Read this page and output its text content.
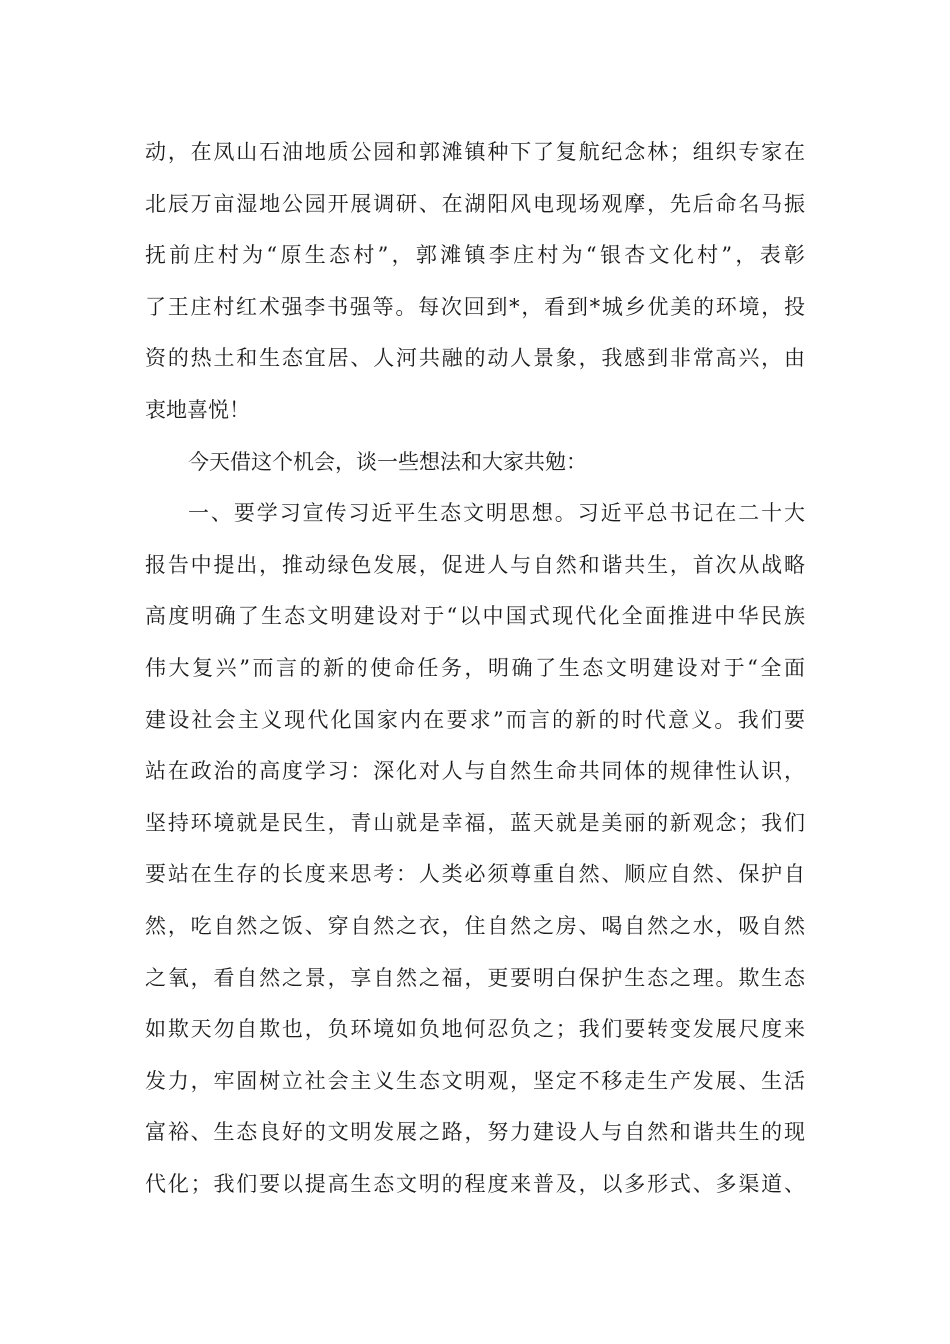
动，在凤山石油地质公园和郭滩镇种下了复航纪念林；组织专家在
北辰万亩湿地公园开展调研、在湖阳风电现场观摩，先后命名马振
抚前庄村为“原生态村”，郭滩镇李庄村为“银杏文化村”，表彰
了王庄村红术强李书强等。每次回到*，看到*城乡优美的环境，投
资的热土和生态宜居、人河共融的动人景象，我感到非常高兴，由
衷地喜悦！
今天借这个机会，谈一些想法和大家共勉：
一、要学习宣传习近平生态文明思想。习近平总书记在二十大
报告中提出，推动绿色发展，促进人与自然和谐共生，首次从战略
高度明确了生态文明建设对于“以中国式现代化全面推进中华民族
伟大复兴”而言的新的使命任务，明确了生态文明建设对于“全面
建设社会主义现代化国家内在要求”而言的新的时代意义。我们要
站在政治的高度学习：深化对人与自然生命共同体的规律性认识，
坚持环境就是民生，青山就是幸福，蓝天就是美丽的新观念；我们
要站在生存的长度来思考：人类必须尊重自然、顺应自然、保护自
然，吃自然之饭、穿自然之衣，住自然之房、喝自然之水，吸自然
之氧，看自然之景，享自然之福，更要明白保护生态之理。欺生态
如欺天勿自欺也，负环境如负地何忍负之；我们要转变发展尺度来
发力，牢固树立社会主义生态文明观，坚定不移走生产发展、生活
富裕、生态良好的文明发展之路，努力建设人与自然和谐共生的现
代化；我们要以提高生态文明的程度来普及，以多形式、多渠道、
